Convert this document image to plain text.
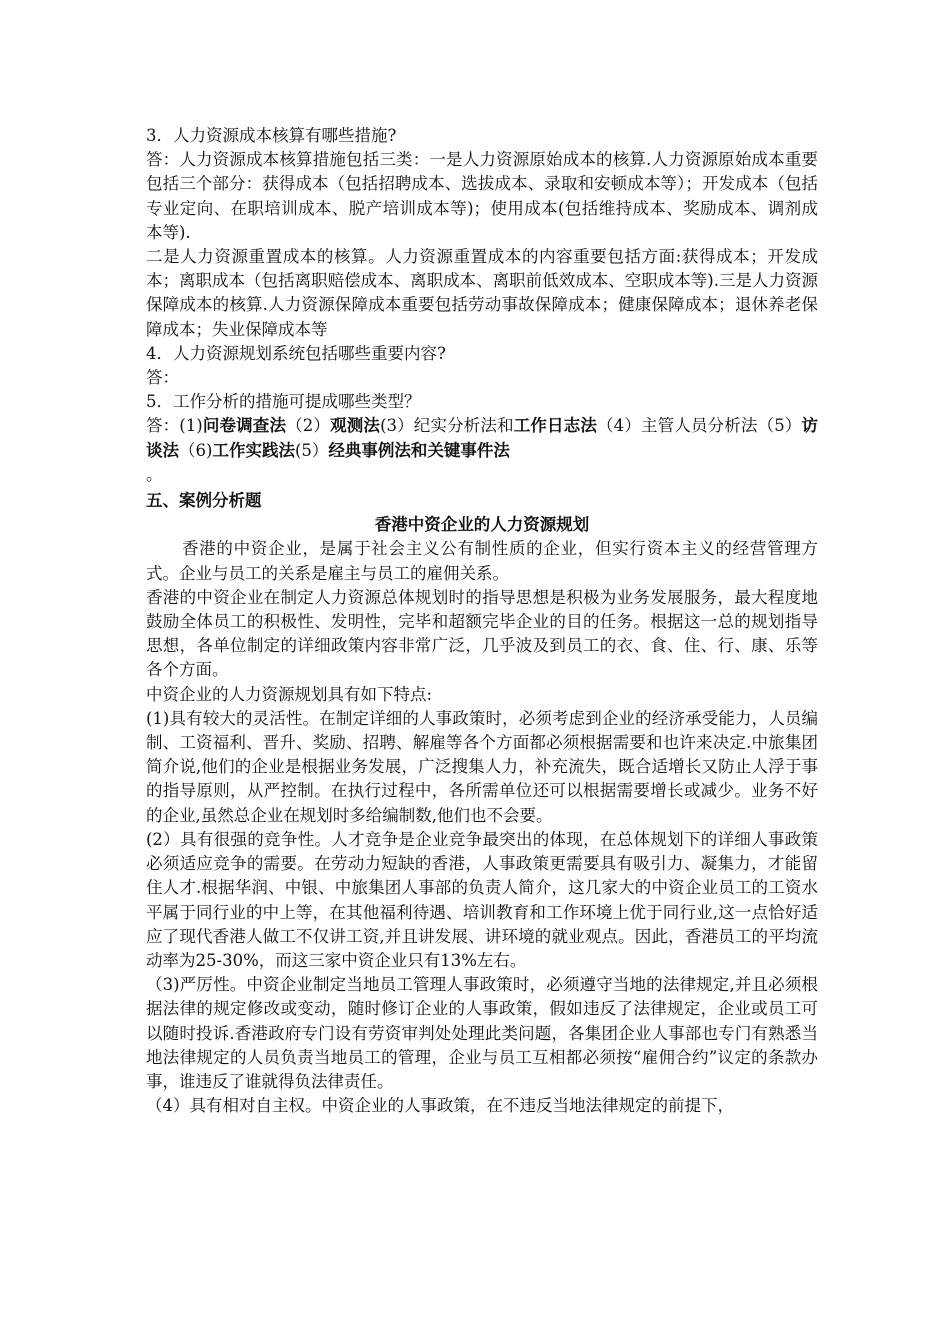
3．人力资源成本核算有哪些措施?

答：人力资源成本核算措施包括三类：一是人力资源原始成本的核算.人力资源原始成本重要包括三个部分：获得成本（包括招聘成本、选拔成本、录取和安顿成本等）；开发成本（包括专业定向、在职培训成本、脱产培训成本等)；使用成本(包括维持成本、奖励成本、调剂成本等).

二是人力资源重置成本的核算。人力资源重置成本的内容重要包括方面:获得成本；开发成本；离职成本（包括离职赔偿成本、离职成本、离职前低效成本、空职成本等).三是人力资源保障成本的核算.人力资源保障成本重要包括劳动事故保障成本；健康保障成本；退休养老保障成本；失业保障成本等

4．人力资源规划系统包括哪些重要内容?

答：

5．工作分析的措施可提成哪些类型？

答：(1)问卷调查法（2）观测法(3）纪实分析法和工作日志法（4）主管人员分析法（5）访谈法（6)工作实践法(5）经典事例法和关键事件法

。

五、案例分析题

香港中资企业的人力资源规划

香港的中资企业，是属于社会主义公有制性质的企业，但实行资本主义的经营管理方式。企业与员工的关系是雇主与员工的雇佣关系。

香港的中资企业在制定人力资源总体规划时的指导思想是积极为业务发展服务，最大程度地鼓励全体员工的积极性、发明性，完毕和超额完毕企业的目的任务。根据这一总的规划指导思想，各单位制定的详细政策内容非常广泛，几乎波及到员工的衣、食、住、行、康、乐等各个方面。

中资企业的人力资源规划具有如下特点:

(1)具有较大的灵活性。在制定详细的人事政策时，必须考虑到企业的经济承受能力，人员编制、工资福利、晋升、奖励、招聘、解雇等各个方面都必须根据需要和也许来决定.中旅集团简介说,他们的企业是根据业务发展，广泛搜集人力，补充流失，既合适增长又防止人浮于事的指导原则，从严控制。在执行过程中，各所需单位还可以根据需要增长或减少。业务不好的企业,虽然总企业在规划时多给编制数,他们也不会要。

(2）具有很强的竞争性。人才竞争是企业竞争最突出的体现，在总体规划下的详细人事政策必须适应竞争的需要。在劳动力短缺的香港，人事政策更需要具有吸引力、凝集力，才能留住人才.根据华润、中银、中旅集团人事部的负责人简介，这几家大的中资企业员工的工资水平属于同行业的中上等，在其他福利待遇、培训教育和工作环境上优于同行业,这一点恰好适应了现代香港人做工不仅讲工资,并且讲发展、讲环境的就业观点。因此，香港员工的平均流动率为25-30%，而这三家中资企业只有13%左右。

（3)严厉性。中资企业制定当地员工管理人事政策时，必须遵守当地的法律规定,并且必须根据法律的规定修改或变动，随时修订企业的人事政策，假如违反了法律规定，企业或员工可以随时投诉.香港政府专门设有劳资审判处处理此类问题，各集团企业人事部也专门有熟悉当地法律规定的人员负责当地员工的管理，企业与员工互相都必须按“雇佣合约”议定的条款办事，谁违反了谁就得负法律责任。

（4）具有相对自主权。中资企业的人事政策，在不违反当地法律规定的前提下，
